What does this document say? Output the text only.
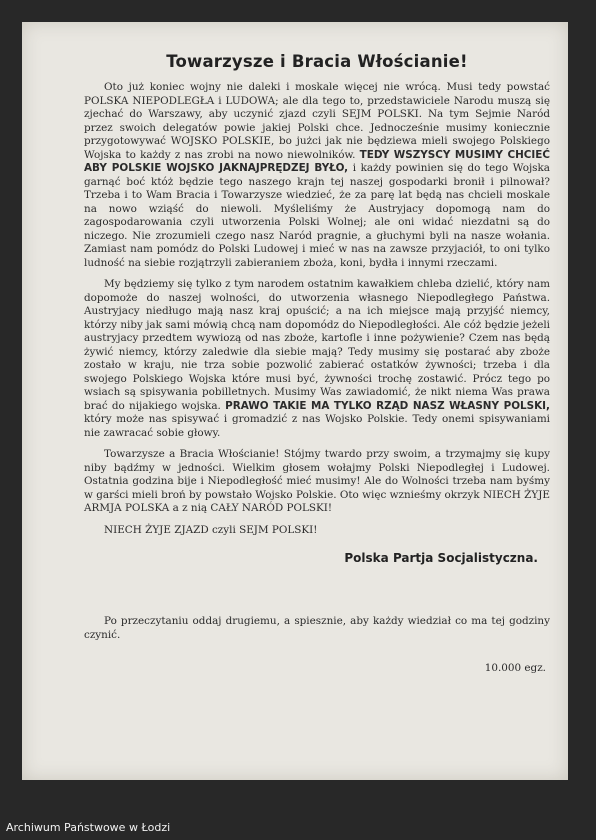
Towarzysze i Bracia Włościanie!

Oto już koniec wojny nie daleki i moskale więcej nie wrócą. Musi tedy powstać POLSKA NIEPODLEGŁA i LUDOWA; ale dla tego to, przedstawiciele Narodu muszą się zjechać do Warszawy, aby uczynić zjazd czyli SEJM POLSKI. Na tym Sejmie Naród przez swoich delegatów powie jakiej Polski chce. Jednocześnie musimy koniecznie przygotowywać WOJSKO POLSKIE, bo jużci jak nie będziewa mieli swojego Polskiego Wojska to każdy z nas zrobi na nowo niewolników. TEDY WSZYSCY MUSIMY CHCIEĆ ABY POLSKIE WOJSKO JAKNAJPRĘDZEJ BYŁO, i każdy powinien się do tego Wojska garnąć boć któż będzie tego naszego krajn tej naszej gospodarki bronił i pilnował? Trzeba i to Wam Bracia i Towarzysze wiedzieć, że za parę lat będą nas chcieli moskale na nowo wziąść do niewoli. Myśleliśmy że Austryjacy dopomogą nam do zagospodarowania czyli utworzenia Polski Wolnej; ale oni widać niezdatni są do niczego. Nie zrozumieli czego nasz Naród pragnie, a głuchymi byli na nasze wołania. Zamiast nam pomódz do Polski Ludowej i mieć w nas na zawsze przyjaciół, to oni tylko ludność na siebie rozjątrzyli zabieraniem zboża, koni, bydła i innymi rzeczami.

My będziemy się tylko z tym narodem ostatnim kawałkiem chleba dzielić, który nam dopomoże do naszej wolności, do utworzenia własnego Niepodległego Państwa. Austryjacy niedługo mają nasz kraj opuścić; a na ich miejsce mają przyjść niemcy, którzy niby jak sami mówią chcą nam dopomódz do Niepodległości. Ale cóż będzie jeżeli austryjacy przedtem wywiozą od nas zboże, kartofle i inne pożywienie? Czem nas będą żywić niemcy, którzy zaledwie dla siebie mają? Tedy musimy się postarać aby zboże zostało w kraju, nie trza sobie pozwolić zabierać ostatków żywności; trzeba i dla swojego Polskiego Wojska które musi być, żywności trochę zostawić. Prócz tego po wsiach są spisywania pobilletnych. Musimy Was zawiadomić, że nikt niema Was prawa brać do nijakiego wojska. PRAWO TAKIE MA TYLKO RZĄD NASZ WŁASNY POLSKI, który może nas spisywać i gromadzić z nas Wojsko Polskie. Tedy onemi spisywaniami nie zawracać sobie głowy.

Towarzysze a Bracia Włościanie! Stójmy twardo przy swoim, a trzymajmy się kupy niby bądźmy w jedności. Wielkim głosem wołajmy Polski Niepodległej i Ludowej. Ostatnia godzina bije i Niepodległość mieć musimy! Ale do Wolności trzeba nam byśmy w garści mieli broń by powstało Wojsko Polskie. Oto więc wznieśmy okrzyk NIECH ŻYJE ARMJA POLSKA a z nią CAŁY NARÓD POLSKI!

NIECH ŻYJE ZJAZD czyli SEJM POLSKI!

Polska Partja Socjalistyczna.

Po przeczytaniu oddaj drugiemu, a spiesznie, aby każdy wiedział co ma tej godziny czynić.

10.000 egz.
Archiwum Państwowe w Łodzi
